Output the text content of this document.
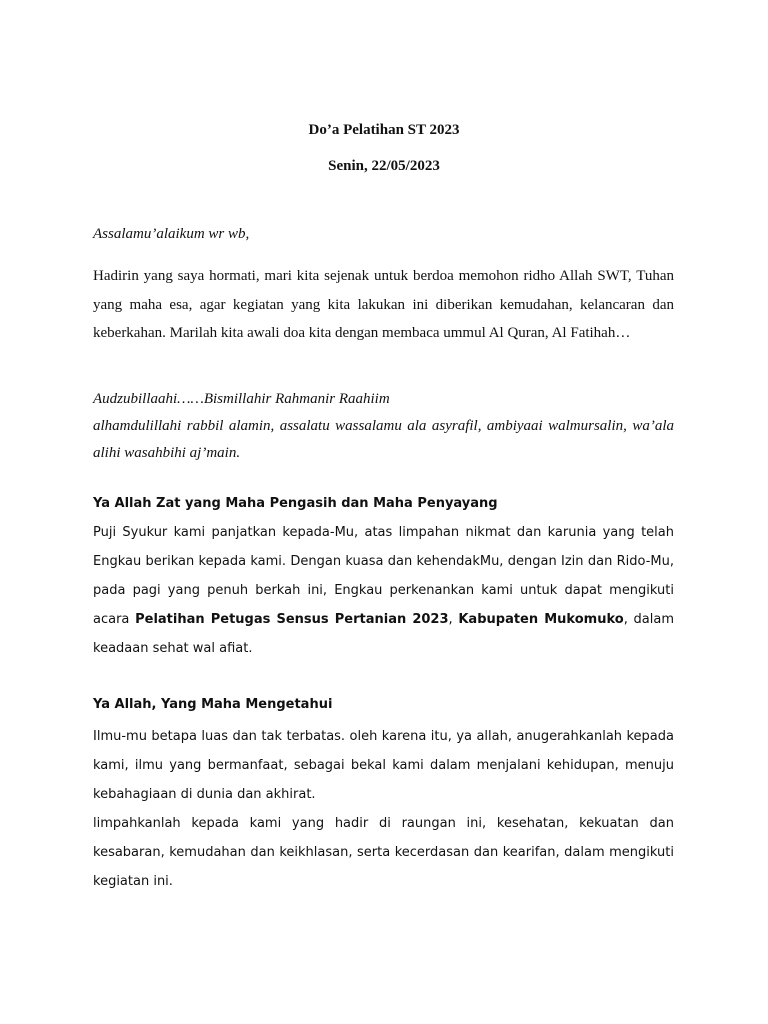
Do’a Pelatihan ST 2023

Senin, 22/05/2023

Assalamu’alaikum wr wb,

Hadirin yang saya hormati, mari kita sejenak untuk berdoa memohon ridho Allah SWT, Tuhan yang maha esa, agar kegiatan yang kita lakukan ini diberikan kemudahan, kelancaran dan keberkahan. Marilah kita awali doa kita dengan membaca ummul Al Quran, Al Fatihah…

Audzubillaahi……Bismillahir Rahmanir Raahiim

alhamdulillahi rabbil alamin, assalatu wassalamu ala asyrafil, ambiyaai walmursalin, wa’ala alihi wasahbihi aj’main.

Ya Allah Zat yang Maha Pengasih dan Maha Penyayang

Puji Syukur kami panjatkan kepada-Mu, atas limpahan nikmat dan karunia yang telah Engkau berikan kepada kami. Dengan kuasa dan kehendakMu, dengan Izin dan Rido-Mu, pada pagi yang penuh berkah ini, Engkau perkenankan kami untuk dapat mengikuti acara Pelatihan Petugas Sensus Pertanian 2023, Kabupaten Mukomuko, dalam keadaan sehat wal afiat.

Ya Allah, Yang Maha Mengetahui

Ilmu-mu betapa luas dan tak terbatas. oleh karena itu, ya allah, anugerahkanlah kepada kami, ilmu yang bermanfaat, sebagai bekal kami dalam menjalani kehidupan, menuju kebahagiaan di dunia dan akhirat.

limpahkanlah kepada kami yang hadir di raungan ini, kesehatan, kekuatan dan kesabaran, kemudahan dan keikhlasan, serta kecerdasan dan kearifan, dalam mengikuti kegiatan ini.
